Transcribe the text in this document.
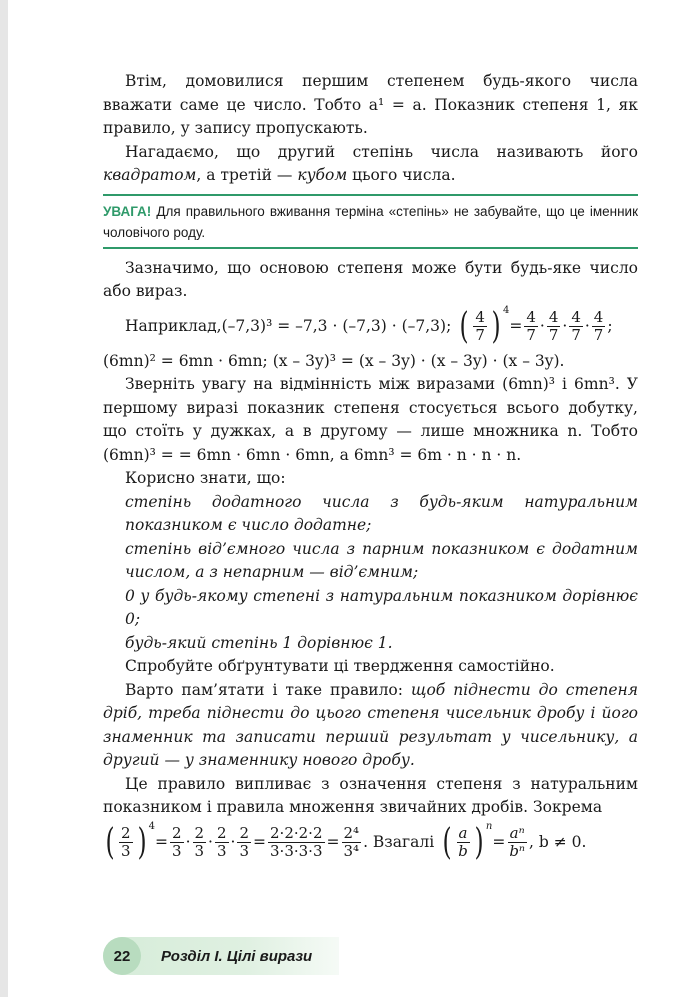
Втім, домовилися першим степенем будь-якого числа вважати саме це число. Тобто a¹ = a. Показник степеня 1, як правило, у запису пропускають.

Нагадаємо, що другий степінь числа називають його квадратом, а третій — кубом цього числа.

УВАГА! Для правильного вживання терміна «степінь» не забувайте, що це іменник чоловічого роду.

Зазначимо, що основою степеня може бути будь-яке число або вираз.

Наприклад, (–7,3)³ = –7,3 · (–7,3) · (–7,3); ( $\frac{4}{7}$ ) 4
= $\frac{4}{7} \cdot \frac{4}{7} \cdot \frac{4}{7} \cdot \frac{4}{7}$ ;

(6mn)² = 6mn · 6mn; (x – 3y)³ = (x – 3y) · (x – 3y) · (x – 3y).

Зверніть увагу на відмінність між виразами (6mn)³ і 6mn³. У першому виразі показник степеня стосується всього добутку, що стоїть у дужках, а в другому — лише множника n. Тобто (6mn)³ = = 6mn · 6mn · 6mn, а 6mn³ = 6m · n · n · n.

Корисно знати, що:

степінь додатного числа з будь-яким натуральним показником є число додатне;

степінь від’ємного числа з парним показником є додатним числом, а з непарним — від’ємним;

0 у будь-якому степені з натуральним показником дорівнює 0;

будь-який степінь 1 дорівнює 1.

Спробуйте обґрунтувати ці твердження самостійно.

Варто пам’ятати і таке правило: щоб піднести до степеня дріб, треба піднести до цього степеня чисельник дробу і його знаменник та записати перший результат у чисельнику, а другий — у знаменнику нового дробу.

Це правило випливає з означення степеня з натуральним показником і правила множення звичайних дробів. Зокрема

( $\frac{2}{3}$ ) 4
= $\frac{2}{3} \cdot \frac{2}{3} \cdot \frac{2}{3} \cdot \frac{2}{3} = \frac{2\cdot 2\cdot 2\cdot 2}{3\cdot 3\cdot 3\cdot 3} = \frac{\text{2⁴}}{\text{3⁴}}$ . Взагалі ( $\frac{a}{b}$ ) n
= $\frac{\text{aⁿ}}{\text{bⁿ}}$ , b ≠ 0.
22	Розділ І. Цілі вирази
